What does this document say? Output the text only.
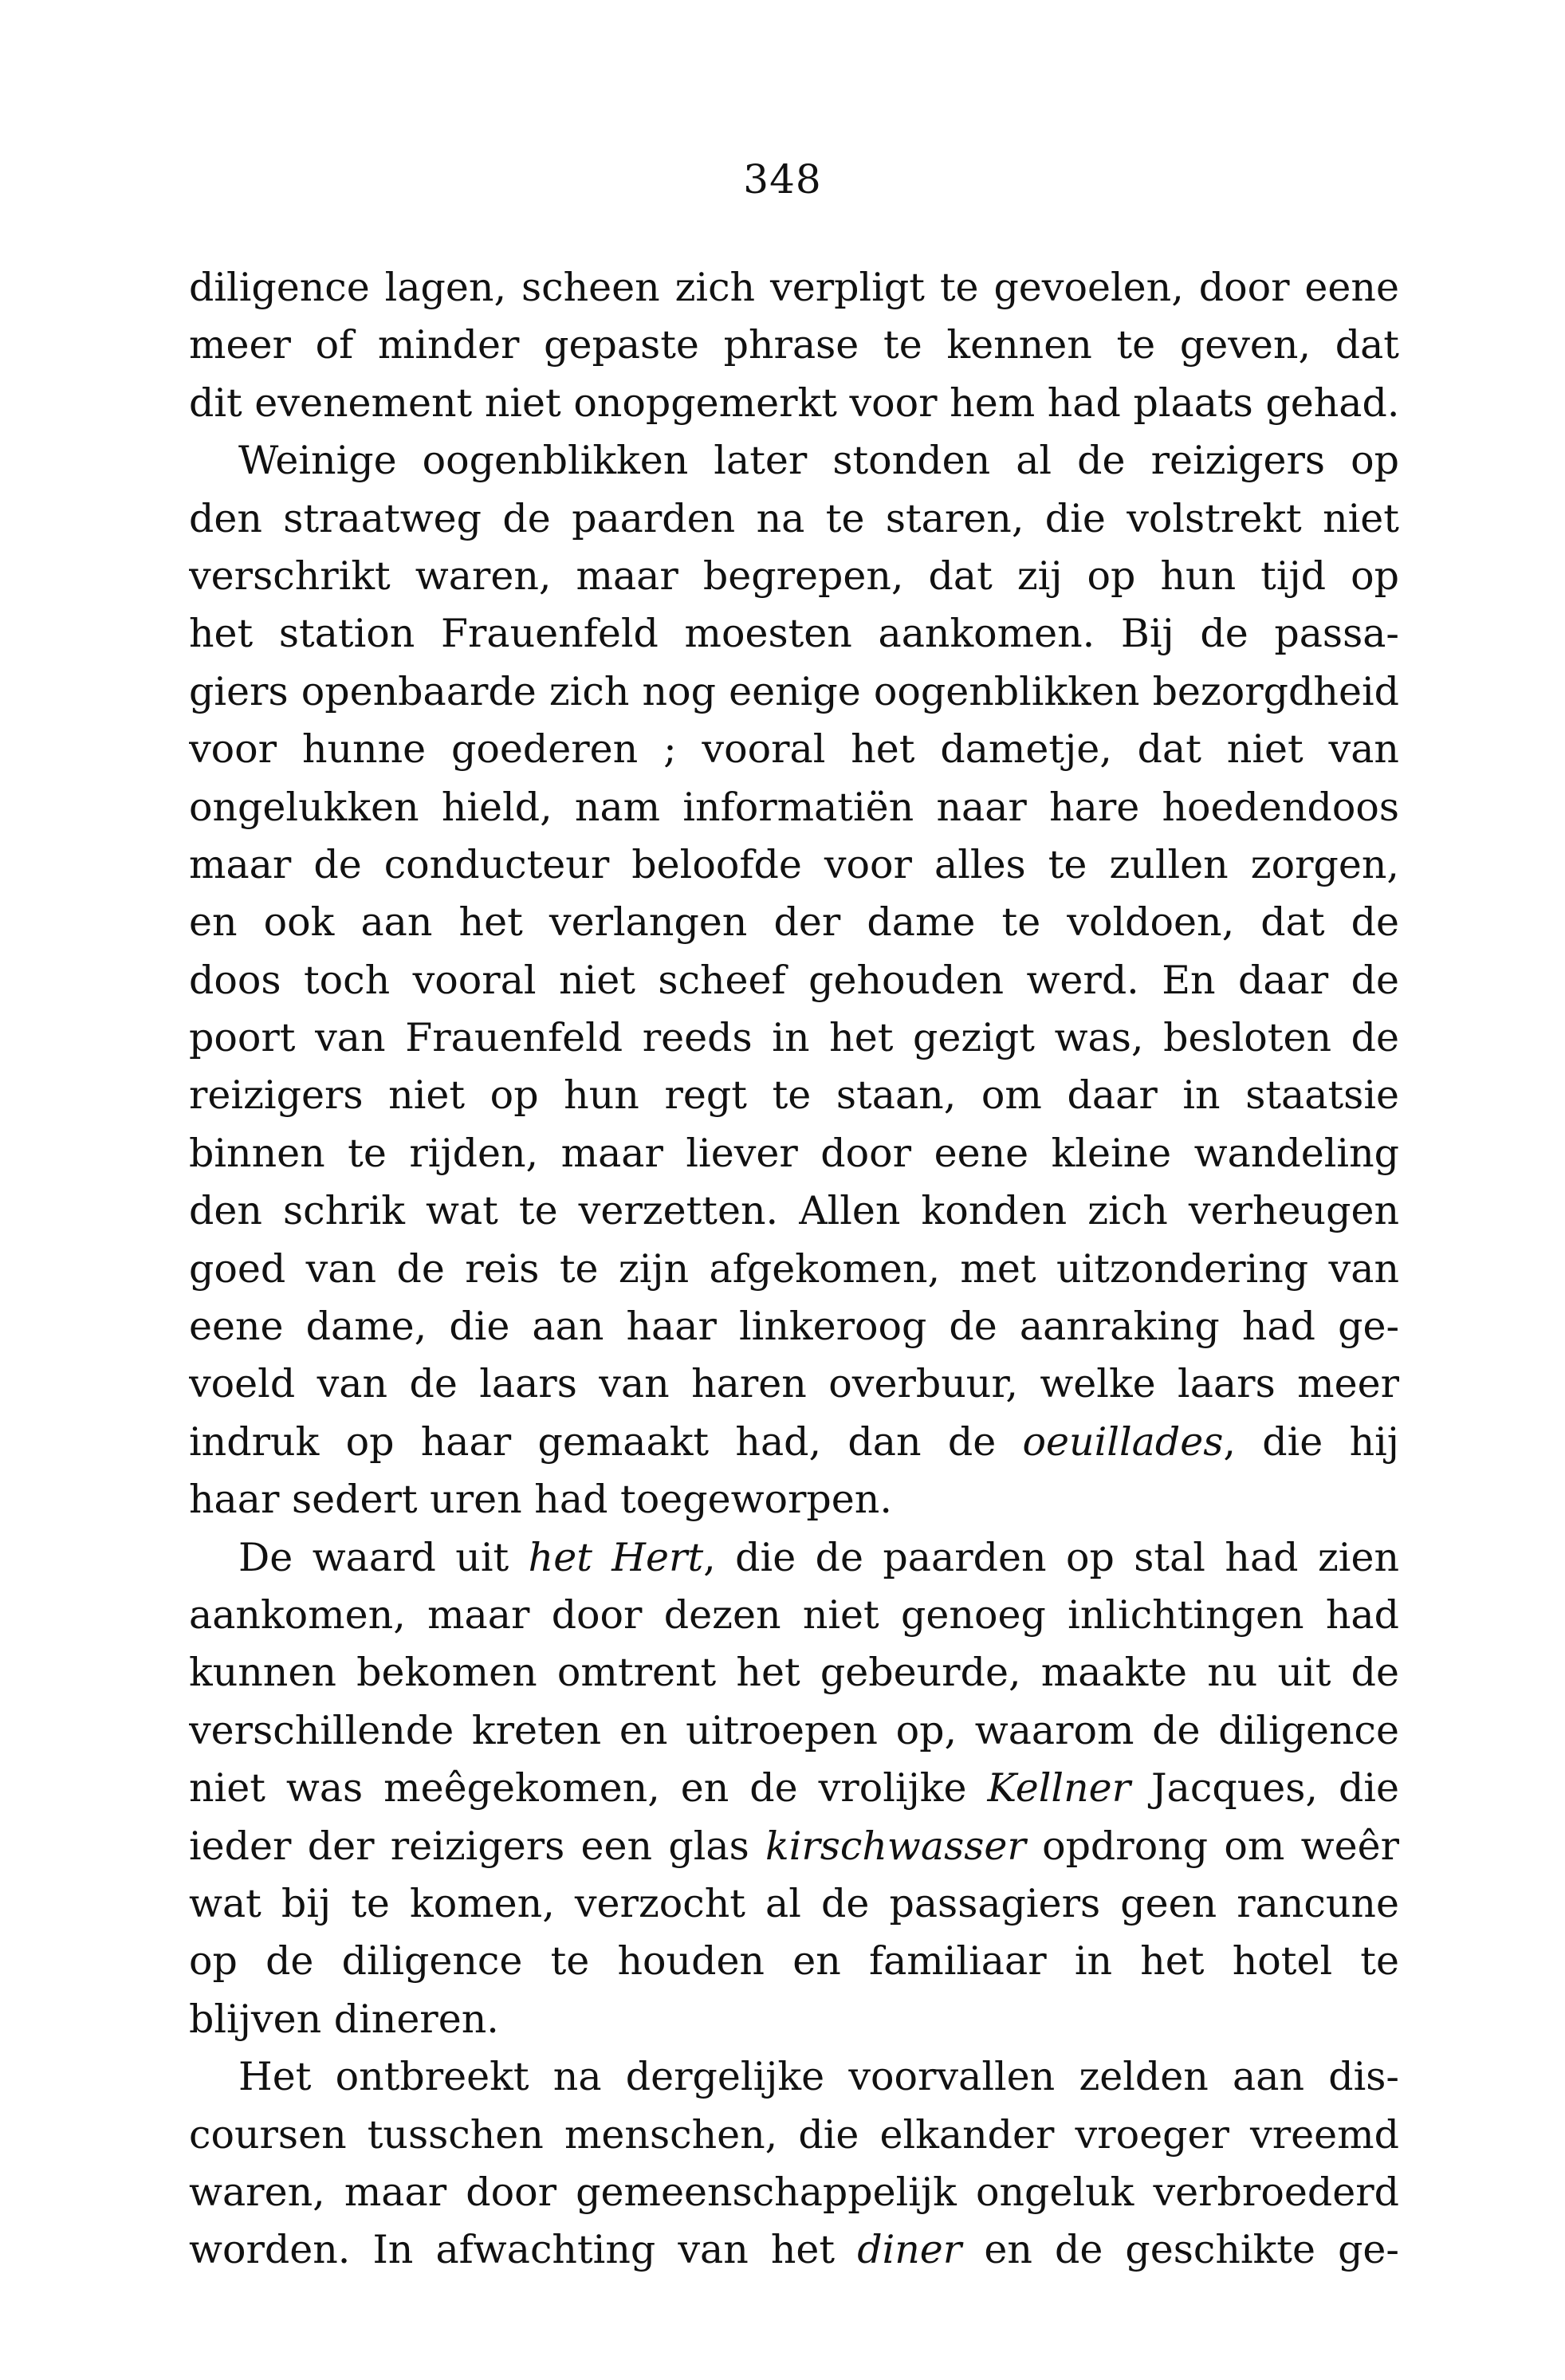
348
diligence lagen, scheen zich verpligt te gevoelen, door eene
meer of minder gepaste phrase te kennen te geven, dat
dit evenement niet onopgemerkt voor hem had plaats gehad.
Weinige oogenblikken later stonden al de reizigers op
den straatweg de paarden na te staren, die volstrekt niet
verschrikt waren, maar begrepen, dat zij op hun tijd op
het station Frauenfeld moesten aankomen. Bij de passa-
giers openbaarde zich nog eenige oogenblikken bezorgdheid
voor hunne goederen ; vooral het dametje, dat niet van
ongelukken hield, nam informatiën naar hare hoedendoos
maar de conducteur beloofde voor alles te zullen zorgen,
en ook aan het verlangen der dame te voldoen, dat de
doos toch vooral niet scheef gehouden werd. En daar de
poort van Frauenfeld reeds in het gezigt was, besloten de
reizigers niet op hun regt te staan, om daar in staatsie
binnen te rijden, maar liever door eene kleine wandeling
den schrik wat te verzetten. Allen konden zich verheugen
goed van de reis te zijn afgekomen, met uitzondering van
eene dame, die aan haar linkeroog de aanraking had ge-
voeld van de laars van haren overbuur, welke laars meer
indruk op haar gemaakt had, dan de oeuillades, die hij
haar sedert uren had toegeworpen.
De waard uit het Hert, die de paarden op stal had zien
aankomen, maar door dezen niet genoeg inlichtingen had
kunnen bekomen omtrent het gebeurde, maakte nu uit de
verschillende kreten en uitroepen op, waarom de diligence
niet was meêgekomen, en de vrolijke Kellner Jacques, die
ieder der reizigers een glas kirschwasser opdrong om weêr
wat bij te komen, verzocht al de passagiers geen rancune
op de diligence te houden en familiaar in het hotel te
blijven dineren.
Het ontbreekt na dergelijke voorvallen zelden aan dis-
coursen tusschen menschen, die elkander vroeger vreemd
waren, maar door gemeenschappelijk ongeluk verbroederd
worden. In afwachting van het diner en de geschikte ge-
